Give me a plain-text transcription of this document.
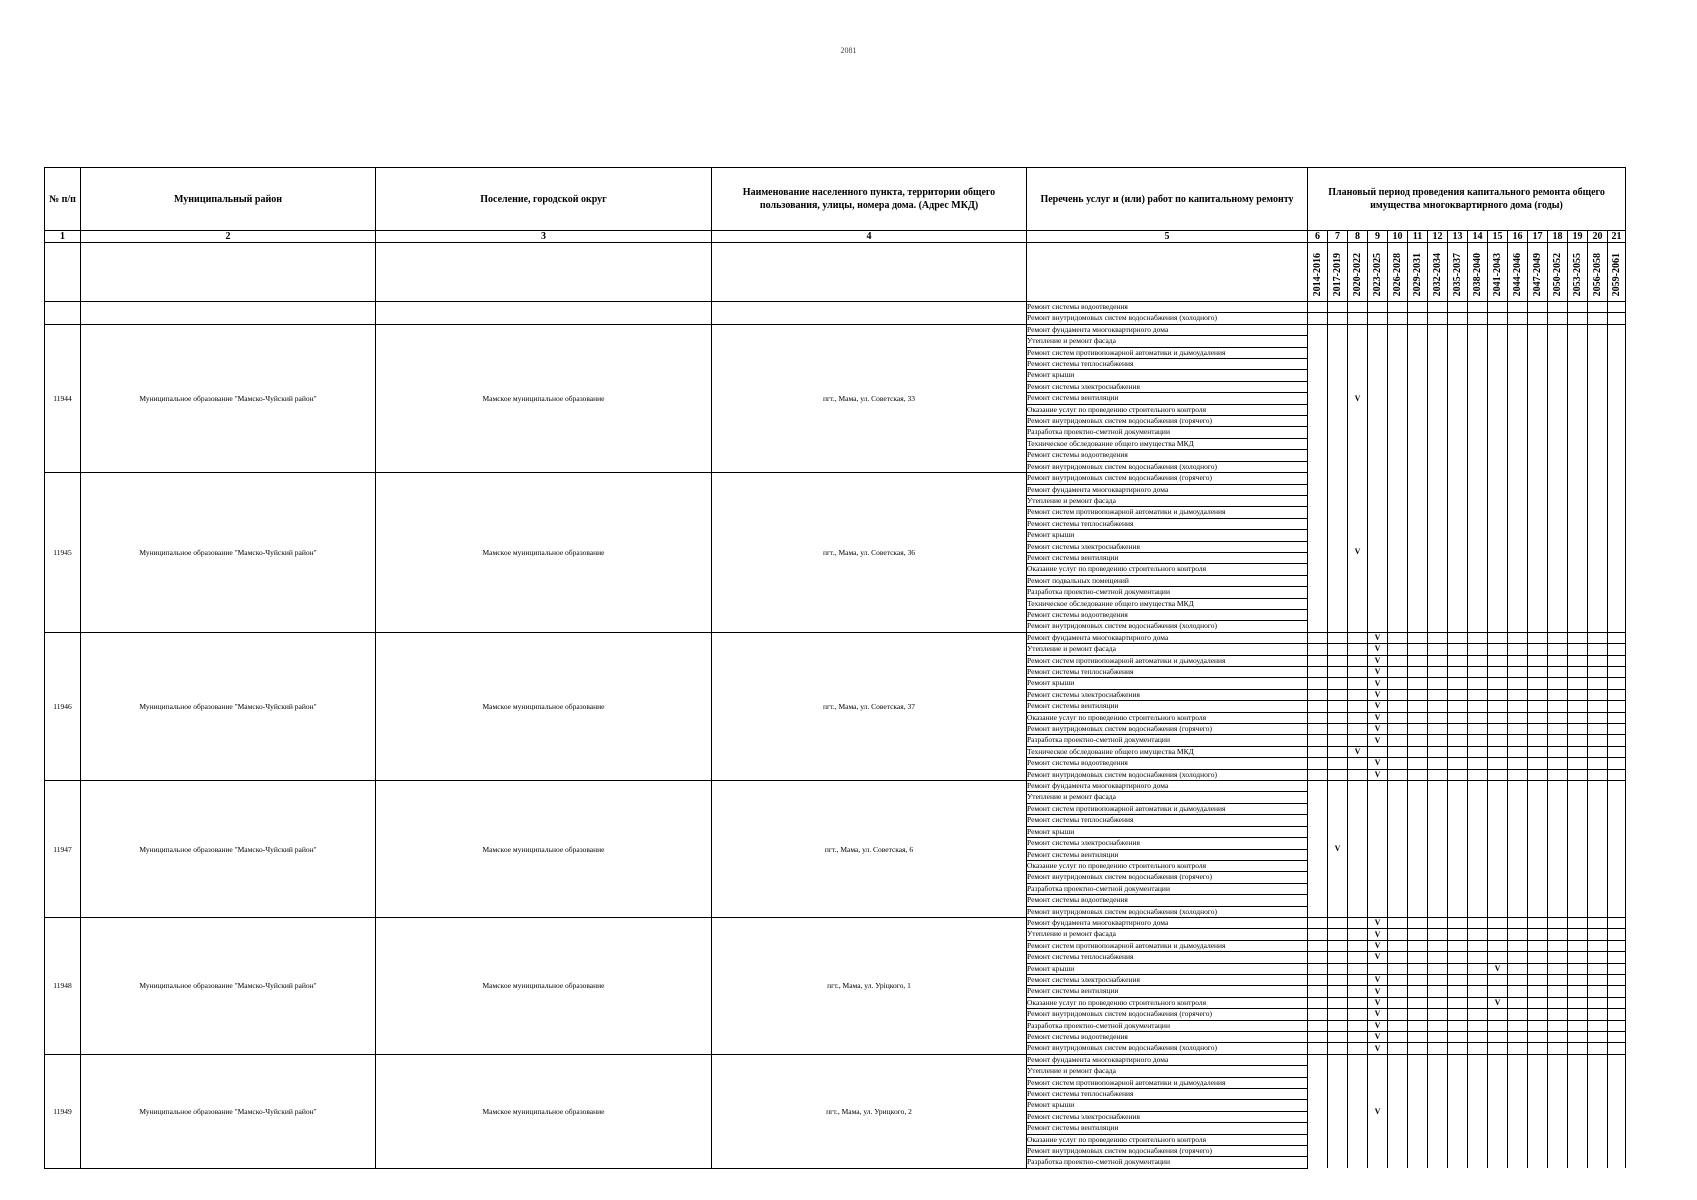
2081
№ п/п	Муниципальный район	Поселение, городской округ	Наименование населенного пункта, территории общего пользования, улицы, номера дома. (Адрес МКД)	Перечень услуг и (или) работ по капитальному ремонту	Плановый период проведения капитального ремонта общего имущества многоквартирного дома (годы)															
1	2	3	4	5	6	7	8	9	10	11	12	13	14	15	16	17	18	19	20	21
					2014-2016	2017-2019	2020-2022	2023-2025	2026-2028	2029-2031	2032-2034	2035-2037	2038-2040	2041-2043	2044-2046	2047-2049	2050-2052	2053-2055	2056-2058	2059-2061
				Ремонт системы водоотведения																
				Ремонт внутридомовых систем водоснабжения (холодного)																
11944	Муниципальное образование "Мамско-Чуйский район"	Мамское муниципальное образование	пгт., Мама, ул. Советская, 33	Ремонт фундамента многоквартирного дома			V													
				Утепление и ремонт фасада																
				Ремонт систем противопожарной автоматики и дымоудаления																
				Ремонт системы теплоснабжения																
				Ремонт крыши																
				Ремонт системы электроснабжения																
				Ремонт системы вентиляции																
				Оказание услуг по проведению строительного контроля																
				Ремонт внутридомовых систем водоснабжения (горячего)																
				Разработка проектно-сметной документации																
				Техническое обследование общего имущества МКД																
				Ремонт системы водоотведения																
				Ремонт внутридомовых систем водоснабжения (холодного)																
11945	Муниципальное образование "Мамско-Чуйский район"	Мамское муниципальное образование	пгт., Мама, ул. Советская, 36	Ремонт внутридомовых систем водоснабжения (горячего)			V													
				Ремонт фундамента многоквартирного дома																
				Утепление и ремонт фасада																
				Ремонт систем противопожарной автоматики и дымоудаления																
				Ремонт системы теплоснабжения																
				Ремонт крыши																
				Ремонт системы электроснабжения																
				Ремонт системы вентиляции																
				Оказание услуг по проведению строительного контроля																
				Ремонт подвальных помещений																
				Разработка проектно-сметной документации																
				Техническое обследование общего имущества МКД																
				Ремонт системы водоотведения																
				Ремонт внутридомовых систем водоснабжения (холодного)																
11946	Муниципальное образование "Мамско-Чуйский район"	Мамское муниципальное образование	пгт., Мама, ул. Советская, 37	Ремонт фундамента многоквартирного дома				V												
				Утепление и ремонт фасада				V												
				Ремонт систем противопожарной автоматики и дымоудаления				V												
				Ремонт системы теплоснабжения				V												
				Ремонт крыши				V												
				Ремонт системы электроснабжения				V												
				Ремонт системы вентиляции				V												
				Оказание услуг по проведению строительного контроля				V												
				Ремонт внутридомовых систем водоснабжения (горячего)				V												
				Разработка проектно-сметной документации				V												
				Техническое обследование общего имущества МКД			V													
				Ремонт системы водоотведения				V												
				Ремонт внутридомовых систем водоснабжения (холодного)				V												
11947	Муниципальное образование "Мамско-Чуйский район"	Мамское муниципальное образование	пгт., Мама, ул. Советская, 6	Ремонт фундамента многоквартирного дома		V														
				Утепление и ремонт фасада																
				Ремонт систем противопожарной автоматики и дымоудаления																
				Ремонт системы теплоснабжения																
				Ремонт крыши																
				Ремонт системы электроснабжения																
				Ремонт системы вентиляции																
				Оказание услуг по проведению строительного контроля																
				Ремонт внутридомовых систем водоснабжения (горячего)																
				Разработка проектно-сметной документации																
				Ремонт системы водоотведения																
				Ремонт внутридомовых систем водоснабжения (холодного)																
11948	Муниципальное образование "Мамско-Чуйский район"	Мамское муниципальное образование	пгт., Мама, ул. Уріцкого, 1	Ремонт фундамента многоквартирного дома				V												
				Утепление и ремонт фасада				V												
				Ремонт систем противопожарной автоматики и дымоудаления				V												
				Ремонт системы теплоснабжения				V												
				Ремонт крыши										V						
				Ремонт системы электроснабжения				V												
				Ремонт системы вентиляции				V												
				Оказание услуг по проведению строительного контроля				V						V						
				Ремонт внутридомовых систем водоснабжения (горячего)				V												
				Разработка проектно-сметной документации				V												
				Ремонт системы водоотведения				V												
				Ремонт внутридомовых систем водоснабжения (холодного)				V												
11949	Муниципальное образование "Мамско-Чуйский район"	Мамское муниципальное образование	пгт., Мама, ул. Урицкого, 2	Ремонт фундамента многоквартирного дома				V												
				Утепление и ремонт фасада																
				Ремонт систем противопожарной автоматики и дымоудаления																
				Ремонт системы теплоснабжения																
				Ремонт крыши																
				Ремонт системы электроснабжения																
				Ремонт системы вентиляции																
				Оказание услуг по проведению строительного контроля																
				Ремонт внутридомовых систем водоснабжения (горячего)																
				Разработка проектно-сметной документации																
